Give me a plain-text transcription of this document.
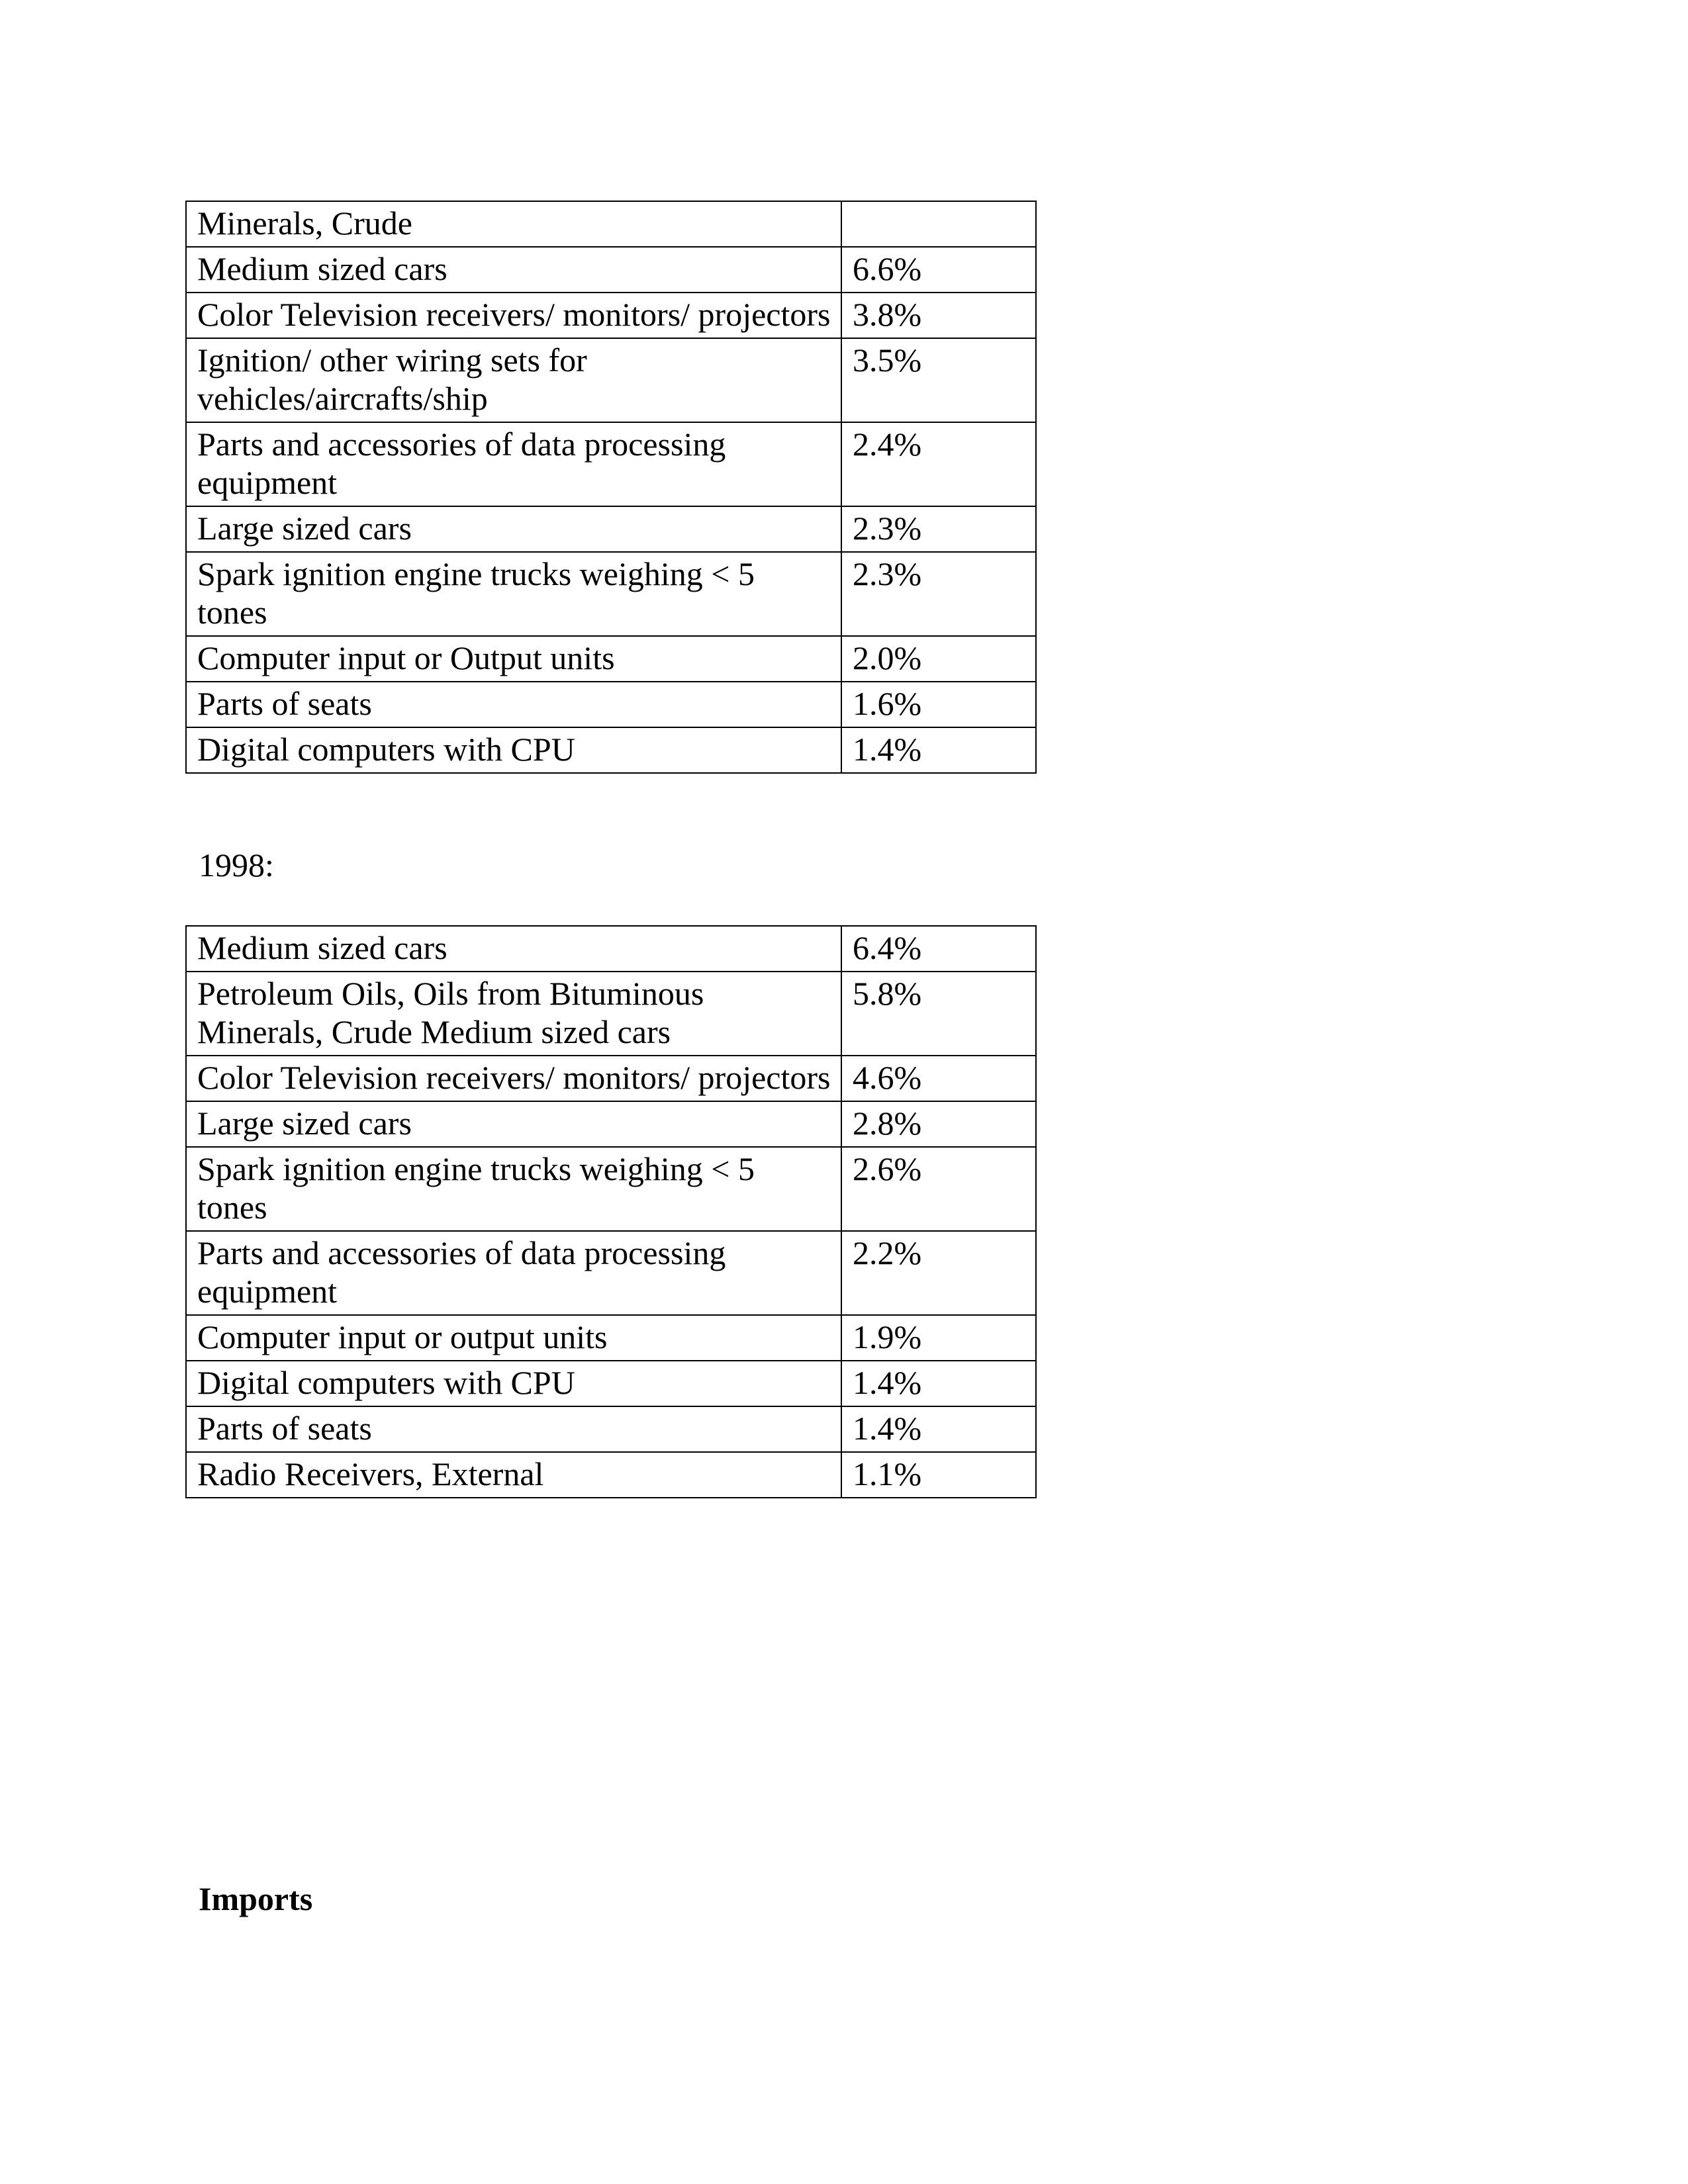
Minerals, Crude	
Medium sized cars	6.6%
Color Television receivers/ monitors/ projectors	3.8%
Ignition/ other wiring sets for vehicles/aircrafts/ship	3.5%
Parts and accessories of data processing equipment	2.4%
Large sized cars	2.3%
Spark ignition engine trucks weighing < 5 tones	2.3%
Computer input or Output units	2.0%
Parts of seats	1.6%
Digital computers with CPU	1.4%

1998:

Medium sized cars	6.4%
Petroleum Oils, Oils from Bituminous Minerals, Crude Medium sized cars	5.8%
Color Television receivers/ monitors/ projectors	4.6%
Large sized cars	2.8%
Spark ignition engine trucks weighing < 5 tones	2.6%
Parts and accessories of data processing equipment	2.2%
Computer input or output units	1.9%
Digital computers with CPU	1.4%
Parts of seats	1.4%
Radio Receivers, External	1.1%

Imports
